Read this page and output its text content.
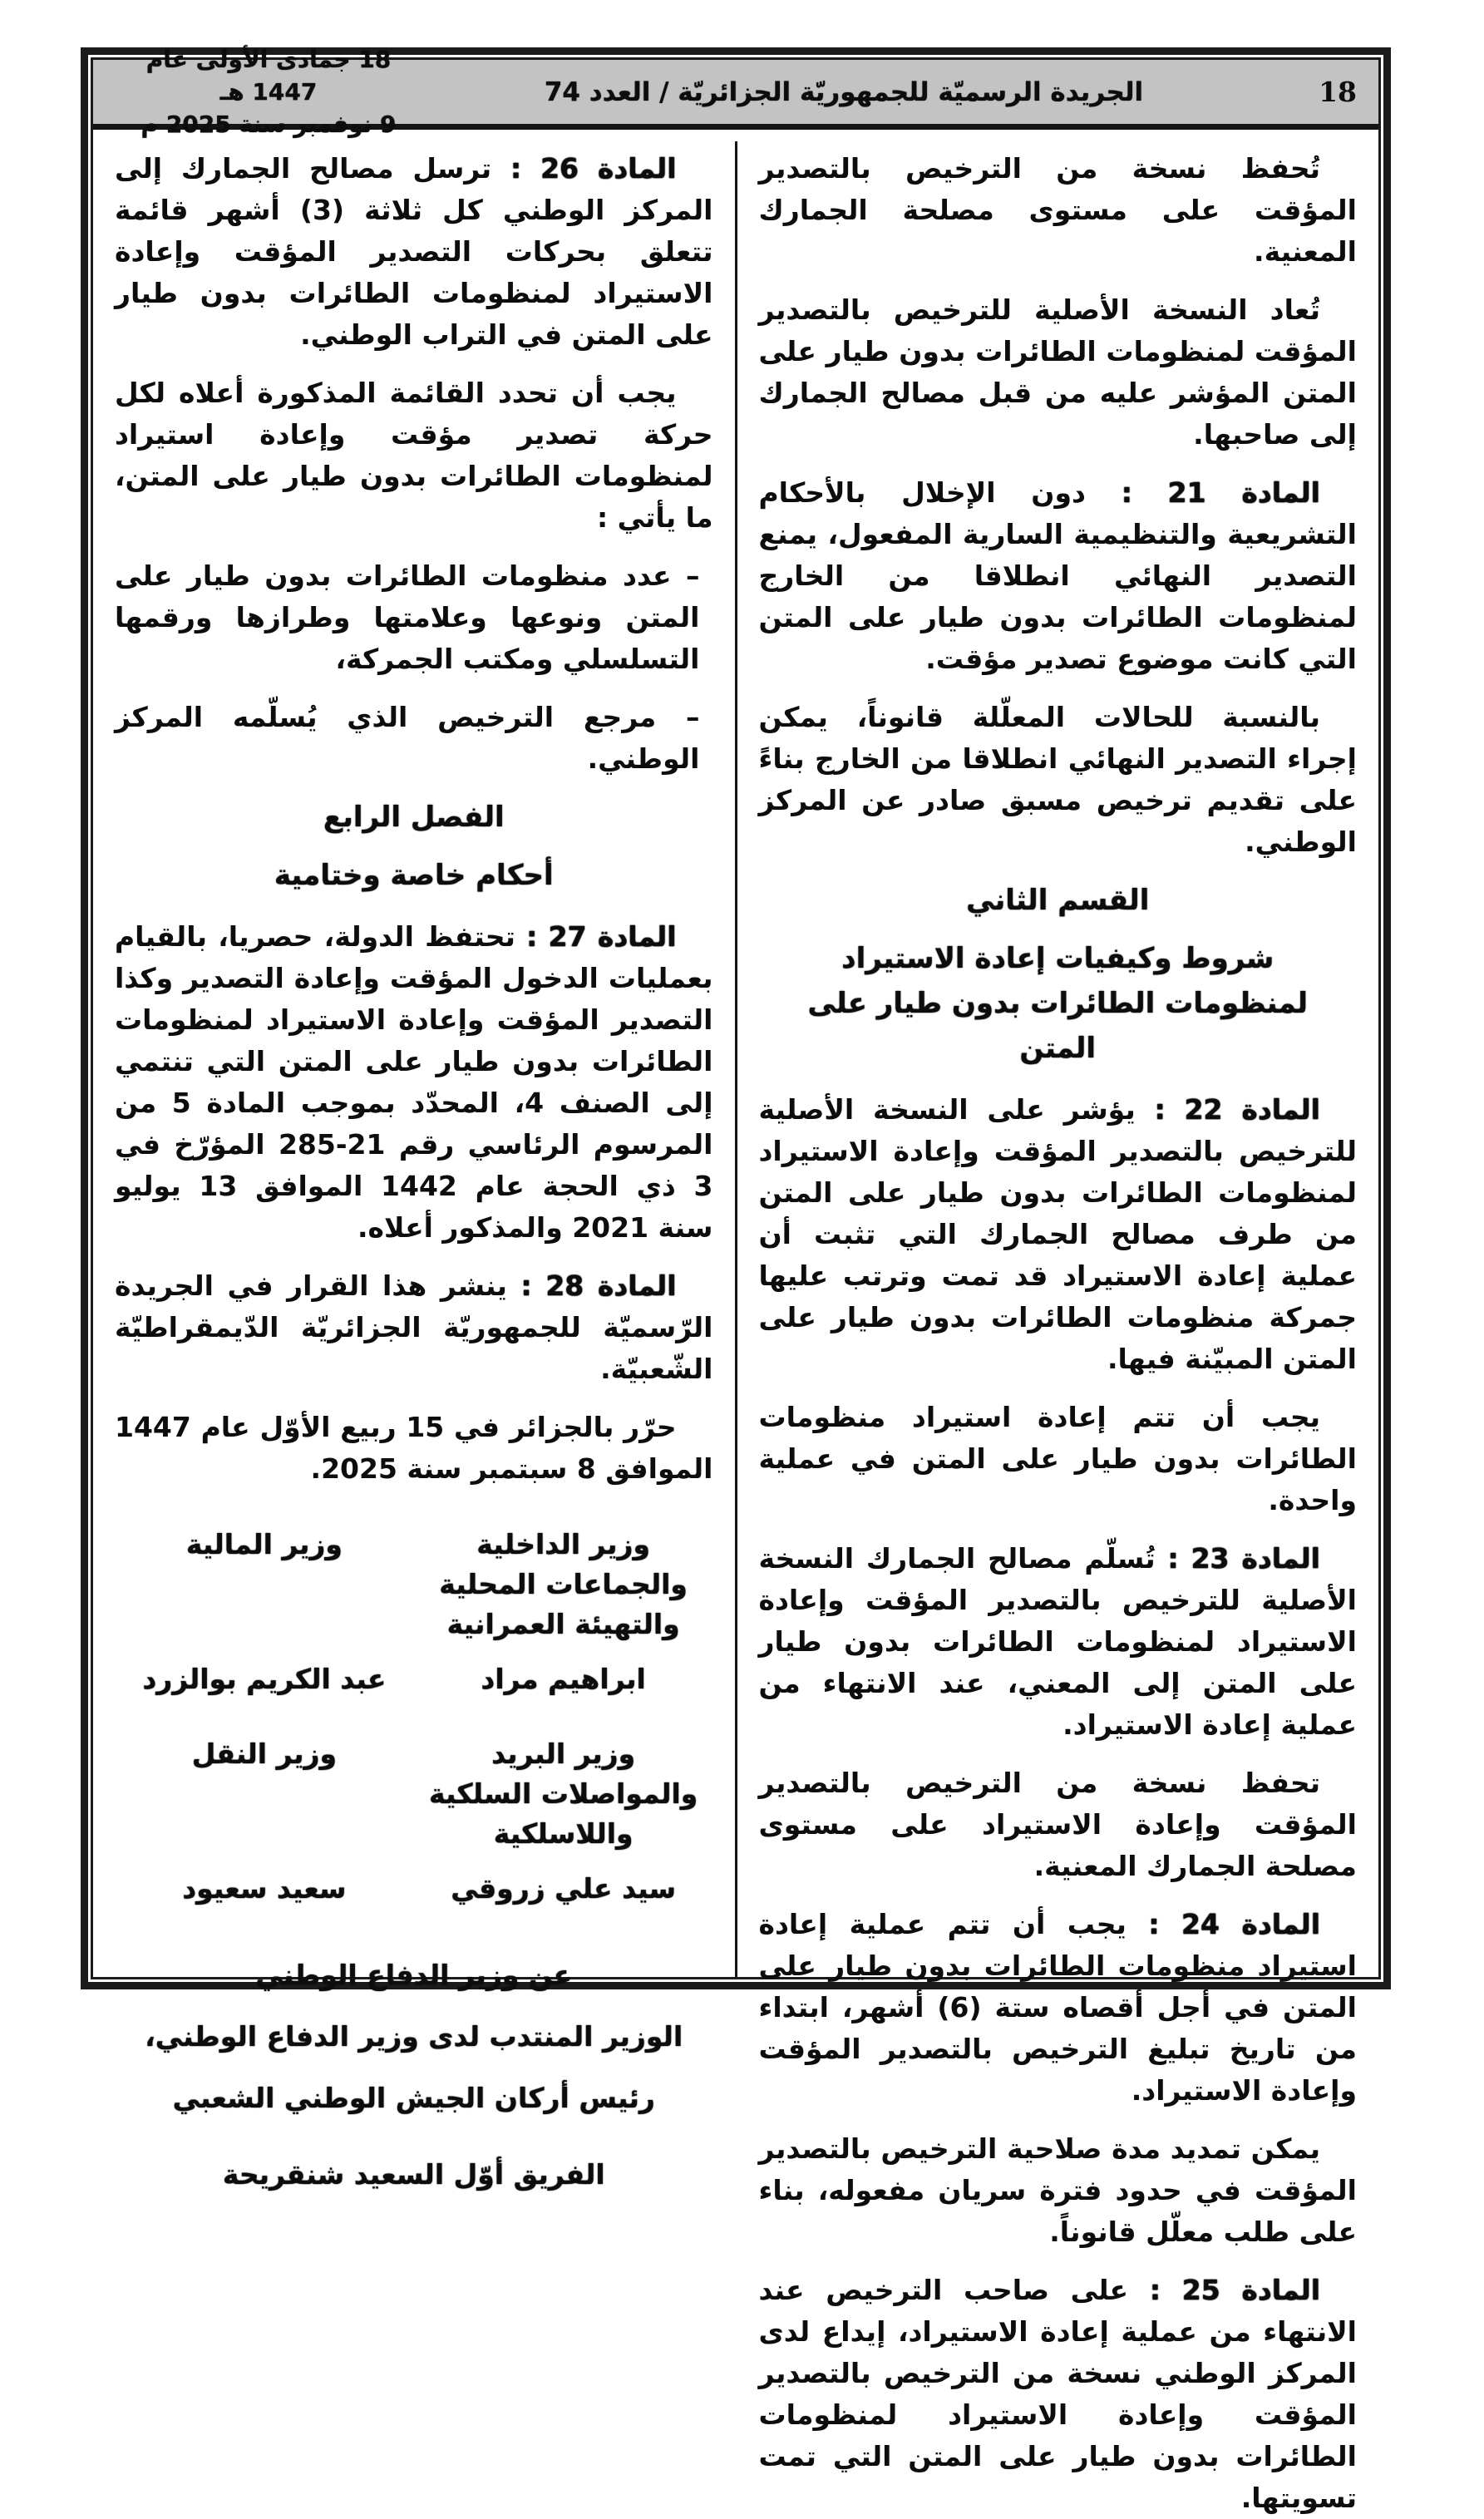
18
الجريدة الرسميّة للجمهوريّة الجزائريّة / العدد 74
18 جمادى الأولى عام 1447 هـ
9 نوفمبر سنة 2025 م
تُحفظ نسخة من الترخيص بالتصدير المؤقت على مستوى مصلحة الجمارك المعنية.
تُعاد النسخة الأصلية للترخيص بالتصدير المؤقت لمنظومات الطائرات بدون طيار على المتن المؤشر عليه من قبل مصالح الجمارك إلى صاحبها.
المادة 21 : دون الإخلال بالأحكام التشريعية والتنظيمية السارية المفعول، يمنع التصدير النهائي انطلاقا من الخارج لمنظومات الطائرات بدون طيار على المتن التي كانت موضوع تصدير مؤقت.
بالنسبة للحالات المعلّلة قانوناً، يمكن إجراء التصدير النهائي انطلاقا من الخارج بناءً على تقديم ترخيص مسبق صادر عن المركز الوطني.
القسم الثاني
شروط وكيفيات إعادة الاستيراد لمنظومات الطائرات بدون طيار على المتن
المادة 22 : يؤشر على النسخة الأصلية للترخيص بالتصدير المؤقت وإعادة الاستيراد لمنظومات الطائرات بدون طيار على المتن من طرف مصالح الجمارك التي تثبت أن عملية إعادة الاستيراد قد تمت وترتب عليها جمركة منظومات الطائرات بدون طيار على المتن المبيّنة فيها.
يجب أن تتم إعادة استيراد منظومات الطائرات بدون طيار على المتن في عملية واحدة.
المادة 23 : تُسلّم مصالح الجمارك النسخة الأصلية للترخيص بالتصدير المؤقت وإعادة الاستيراد لمنظومات الطائرات بدون طيار على المتن إلى المعني، عند الانتهاء من عملية إعادة الاستيراد.
تحفظ نسخة من الترخيص بالتصدير المؤقت وإعادة الاستيراد على مستوى مصلحة الجمارك المعنية.
المادة 24 : يجب أن تتم عملية إعادة استيراد منظومات الطائرات بدون طيار على المتن في أجل أقصاه ستة (6) أشهر، ابتداء من تاريخ تبليغ الترخيص بالتصدير المؤقت وإعادة الاستيراد.
يمكن تمديد مدة صلاحية الترخيص بالتصدير المؤقت في حدود فترة سريان مفعوله، بناء على طلب معلّل قانوناً.
المادة 25 : على صاحب الترخيص عند الانتهاء من عملية إعادة الاستيراد، إيداع لدى المركز الوطني نسخة من الترخيص بالتصدير المؤقت وإعادة الاستيراد لمنظومات الطائرات بدون طيار على المتن التي تمت تسويتها.
المادة 26 : ترسل مصالح الجمارك إلى المركز الوطني كل ثلاثة (3) أشهر قائمة تتعلق بحركات التصدير المؤقت وإعادة الاستيراد لمنظومات الطائرات بدون طيار على المتن في التراب الوطني.
يجب أن تحدد القائمة المذكورة أعلاه لكل حركة تصدير مؤقت وإعادة استيراد لمنظومات الطائرات بدون طيار على المتن، ما يأتي :
– عدد منظومات الطائرات بدون طيار على المتن ونوعها وعلامتها وطرازها ورقمها التسلسلي ومكتب الجمركة،
– مرجع الترخيص الذي يُسلّمه المركز الوطني.
الفصل الرابع
أحكام خاصة وختامية
المادة 27 : تحتفظ الدولة، حصريا، بالقيام بعمليات الدخول المؤقت وإعادة التصدير وكذا التصدير المؤقت وإعادة الاستيراد لمنظومات الطائرات بدون طيار على المتن التي تنتمي إلى الصنف 4، المحدّد بموجب المادة 5 من المرسوم الرئاسي رقم 21-285 المؤرّخ في 3 ذي الحجة عام 1442 الموافق 13 يوليو سنة 2021 والمذكور أعلاه.
المادة 28 : ينشر هذا القرار في الجريدة الرّسميّة للجمهوريّة الجزائريّة الدّيمقراطيّة الشّعبيّة.
حرّر بالجزائر في 15 ربيع الأوّل عام 1447 الموافق 8 سبتمبر سنة 2025.
وزير الداخلية والجماعات المحلية والتهيئة العمرانية
وزير المالية
ابراهيم مراد
عبد الكريم بوالزرد
وزير البريد والمواصلات السلكية واللاسلكية
وزير النقل
سيد علي زروقي
سعيد سعيود
عن وزير الدفاع الوطني
الوزير المنتدب لدى وزير الدفاع الوطني،
رئيس أركان الجيش الوطني الشعبي
الفريق أوّل السعيد شنقريحة
